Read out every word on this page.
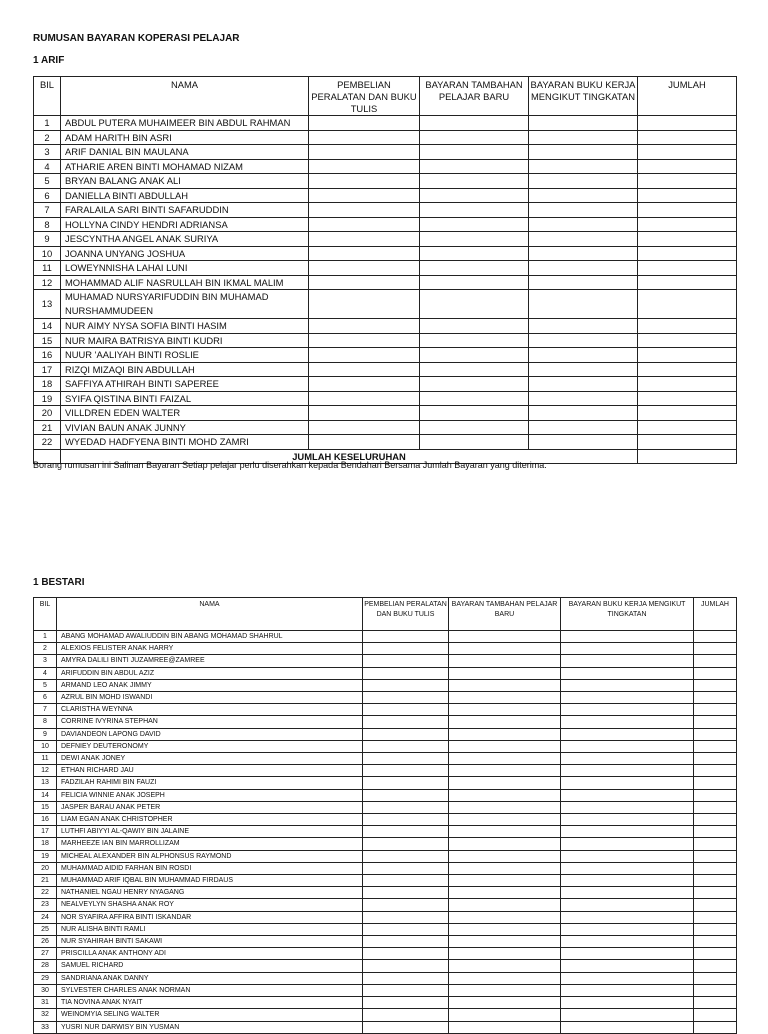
RUMUSAN BAYARAN KOPERASI PELAJAR
1 ARIF
BIL	NAMA	PEMBELIAN PERALATAN DAN BUKU TULIS	BAYARAN TAMBAHAN PELAJAR BARU	BAYARAN BUKU KERJA MENGIKUT TINGKATAN	JUMLAH
1	ABDUL PUTERA MUHAIMEER BIN ABDUL RAHMAN				
2	ADAM HARITH BIN ASRI				
3	ARIF DANIAL BIN MAULANA				
4	ATHARIE AREN BINTI MOHAMAD NIZAM				
5	BRYAN BALANG ANAK ALI				
6	DANIELLA BINTI ABDULLAH				
7	FARALAILA SARI BINTI SAFARUDDIN				
8	HOLLYNA CINDY HENDRI ADRIANSA				
9	JESCYNTHA ANGEL ANAK SURIYA				
10	JOANNA UNYANG JOSHUA				
11	LOWEYNNISHA LAHAI LUNI				
12	MOHAMMAD ALIF NASRULLAH BIN IKMAL MALIM				
13	MUHAMAD NURSYARIFUDDIN BIN MUHAMAD NURSHAMMUDEEN				
14	NUR AIMY NYSA SOFIA BINTI HASIM				
15	NUR MAIRA BATRISYA BINTI KUDRI				
16	NUUR 'AALIYAH BINTI ROSLIE				
17	RIZQI MIZAQI BIN ABDULLAH				
18	SAFFIYA ATHIRAH BINTI SAPEREE				
19	SYIFA QISTINA BINTI FAIZAL				
20	VILLDREN EDEN WALTER				
21	VIVIAN BAUN ANAK JUNNY				
22	WYEDAD HADFYENA BINTI MOHD ZAMRI				
	JUMLAH KESELURUHAN				
Borang rumusan ini Salinan Bayaran Setiap pelajar perlu diserahkan kepada Bendahari Bersama Jumlah Bayaran yang diterima.
1 BESTARI
BIL	NAMA	PEMBELIAN PERALATAN DAN BUKU TULIS	BAYARAN TAMBAHAN PELAJAR BARU	BAYARAN BUKU KERJA MENGIKUT TINGKATAN	JUMLAH
1	ABANG MOHAMAD AWALIUDDIN BIN ABANG MOHAMAD SHAHRUL				
2	ALEXIOS FELISTER ANAK HARRY				
3	AMYRA DALILI BINTI JUZAMREE@ZAMREE				
4	ARIFUDDIN BIN ABDUL AZIZ				
5	ARMAND LEO ANAK JIMMY				
6	AZRUL BIN MOHD ISWANDI				
7	CLARISTHA WEYNNA				
8	CORRINE IVYRINA STEPHAN				
9	DAVIANDEON LAPONG DAVID				
10	DEFNIEY DEUTERONOMY				
11	DEWI ANAK JONEY				
12	ETHAN RICHARD JAU				
13	FADZILAH RAHIMI BIN FAUZI				
14	FELICIA WINNIE ANAK JOSEPH				
15	JASPER BARAU ANAK PETER				
16	LIAM EGAN ANAK CHRISTOPHER				
17	LUTHFI ABIYYI AL-QAWIY BIN JALAINE				
18	MARHEEZE IAN BIN MARROLLIZAM				
19	MICHEAL ALEXANDER BIN ALPHONSUS RAYMOND				
20	MUHAMMAD AIDID FARHAN BIN ROSDI				
21	MUHAMMAD ARIF IQBAL BIN MUHAMMAD FIRDAUS				
22	NATHANIEL NGAU HENRY NYAGANG				
23	NEALVEYLYN SHASHA ANAK ROY				
24	NOR SYAFIRA AFFIRA BINTI ISKANDAR				
25	NUR ALISHA BINTI RAMLI				
26	NUR SYAHIRAH BINTI SAKAWI				
27	PRISCILLA ANAK ANTHONY ADI				
28	SAMUEL RICHARD				
29	SANDRIANA ANAK DANNY				
30	SYLVESTER CHARLES ANAK NORMAN				
31	TIA NOVINA ANAK NYAIT				
32	WEINOMYIA SELING WALTER				
33	YUSRI NUR DARWISY BIN YUSMAN				
